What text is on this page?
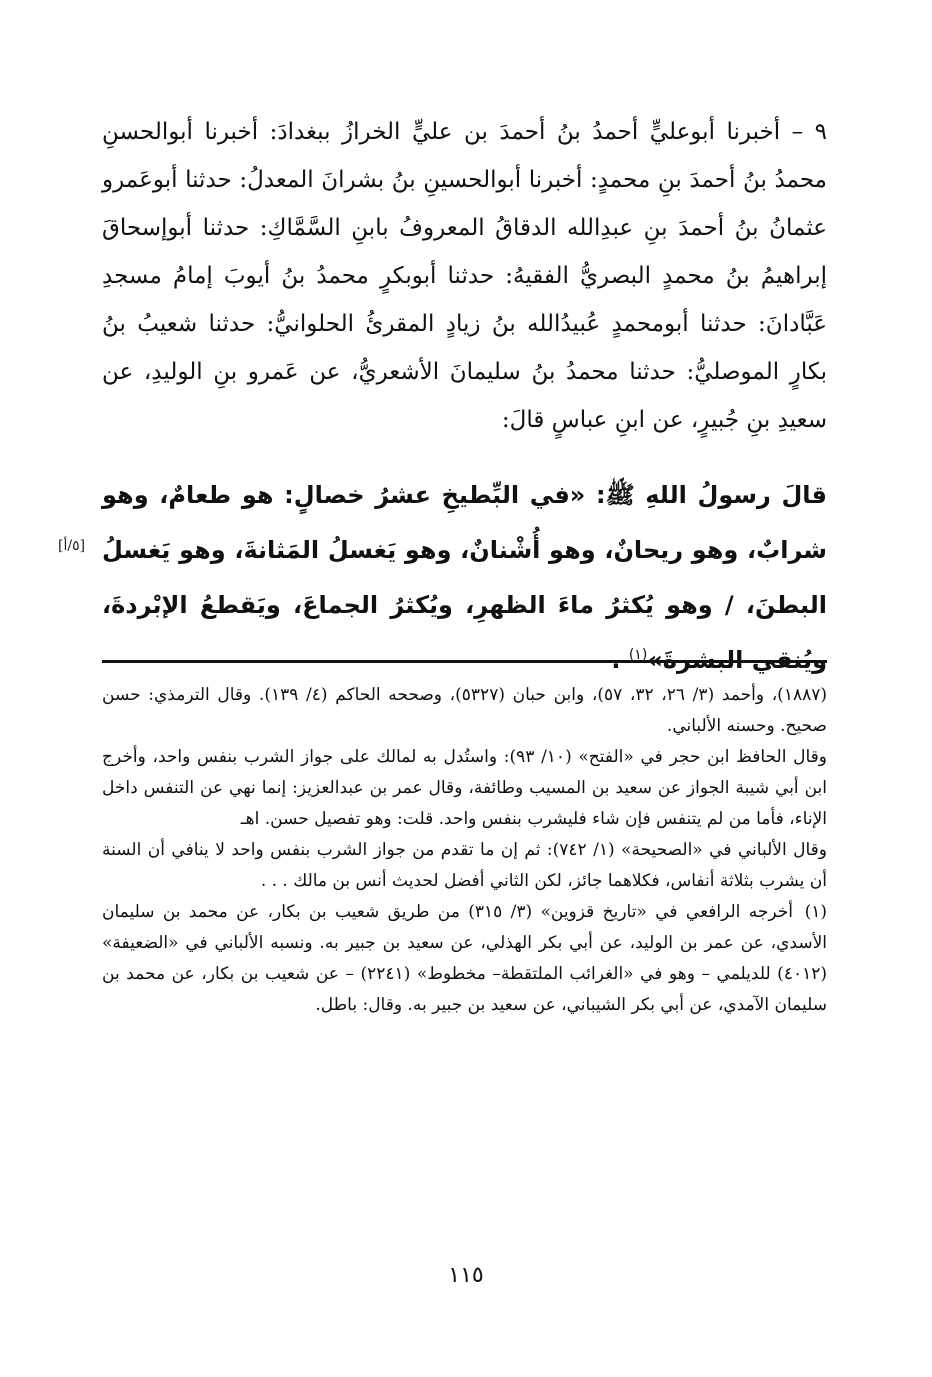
٩ – أخبرنا أبوعليٍّ أحمدُ بنُ أحمدَ بن عليٍّ الخرازُ ببغدادَ: أخبرنا أبوالحسنِ محمدُ بنُ أحمدَ بنِ محمدٍ: أخبرنا أبوالحسينِ بنُ بشرانَ المعدلُ: حدثنا أبوعَمرو عثمانُ بنُ أحمدَ بنِ عبدِالله الدقاقُ المعروفُ بابنِ السَّمَّاكِ: حدثنا أبوإسحاقَ إبراهيمُ بنُ محمدٍ البصريُّ الفقيهُ: حدثنا أبوبكرٍ محمدُ بنُ أيوبَ إمامُ مسجدِ عَبَّادانَ: حدثنا أبومحمدٍ عُبيدُالله بنُ زيادٍ المقرئُ الحلوانيُّ: حدثنا شعيبُ بنُ بكارٍ الموصليُّ: حدثنا محمدُ بنُ سليمانَ الأشعريُّ، عن عَمرو بنِ الوليدِ، عن سعيدِ بنِ جُبيرٍ، عن ابنِ عباسٍ قالَ:

قالَ رسولُ اللهِ ﷺ: «في البِّطيخِ عشرُ خصالٍ: هو طعامٌ، وهو شرابٌ، وهو ريحانٌ، وهو أُشْنانٌ، وهو يَغسلُ المَثانةَ، وهو يَغسلُ البطنَ، / وهو يُكثرُ ماءَ الظهرِ، ويُكثرُ الجماعَ، ويَقطعُ الإبْردةَ، ويُنقي البشرةَ»$^{(١)}$ .

[٥/أ]

(١٨٨٧)، وأحمد (٣/ ٢٦، ٣٢، ٥٧)، وابن حبان (٥٣٢٧)، وصححه الحاكم (٤/ ١٣٩). وقال الترمذي: حسن صحيح. وحسنه الألباني.

وقال الحافظ ابن حجر في «الفتح» (١٠/ ٩٣): واستُدل به لمالك على جواز الشرب بنفس واحد، وأخرج ابن أبي شيبة الجواز عن سعيد بن المسيب وطائفة، وقال عمر بن عبدالعزيز: إنما نهي عن التنفس داخل الإناء، فأما من لم يتنفس فإن شاء فليشرب بنفس واحد. قلت: وهو تفصيل حسن. اهـ

وقال الألباني في «الصحيحة» (١/ ٧٤٢): ثم إن ما تقدم من جواز الشرب بنفس واحد لا ينافي أن السنة أن يشرب بثلاثة أنفاس، فكلاهما جائز، لكن الثاني أفضل لحديث أنس بن مالك . . .

(١)أخرجه الرافعي في «تاريخ قزوين» (٣/ ٣١٥) من طريق شعيب بن بكار، عن محمد بن سليمان الأسدي، عن عمر بن الوليد، عن أبي بكر الهذلي، عن سعيد بن جبير به. ونسبه الألباني في «الضعيفة» (٤٠١٢) للديلمي – وهو في «الغرائب الملتقطة– مخطوط» (٢٢٤١) – عن شعيب بن بكار، عن محمد بن سليمان الآمدي، عن أبي بكر الشيباني، عن سعيد بن جبير به. وقال: باطل.

١١٥
